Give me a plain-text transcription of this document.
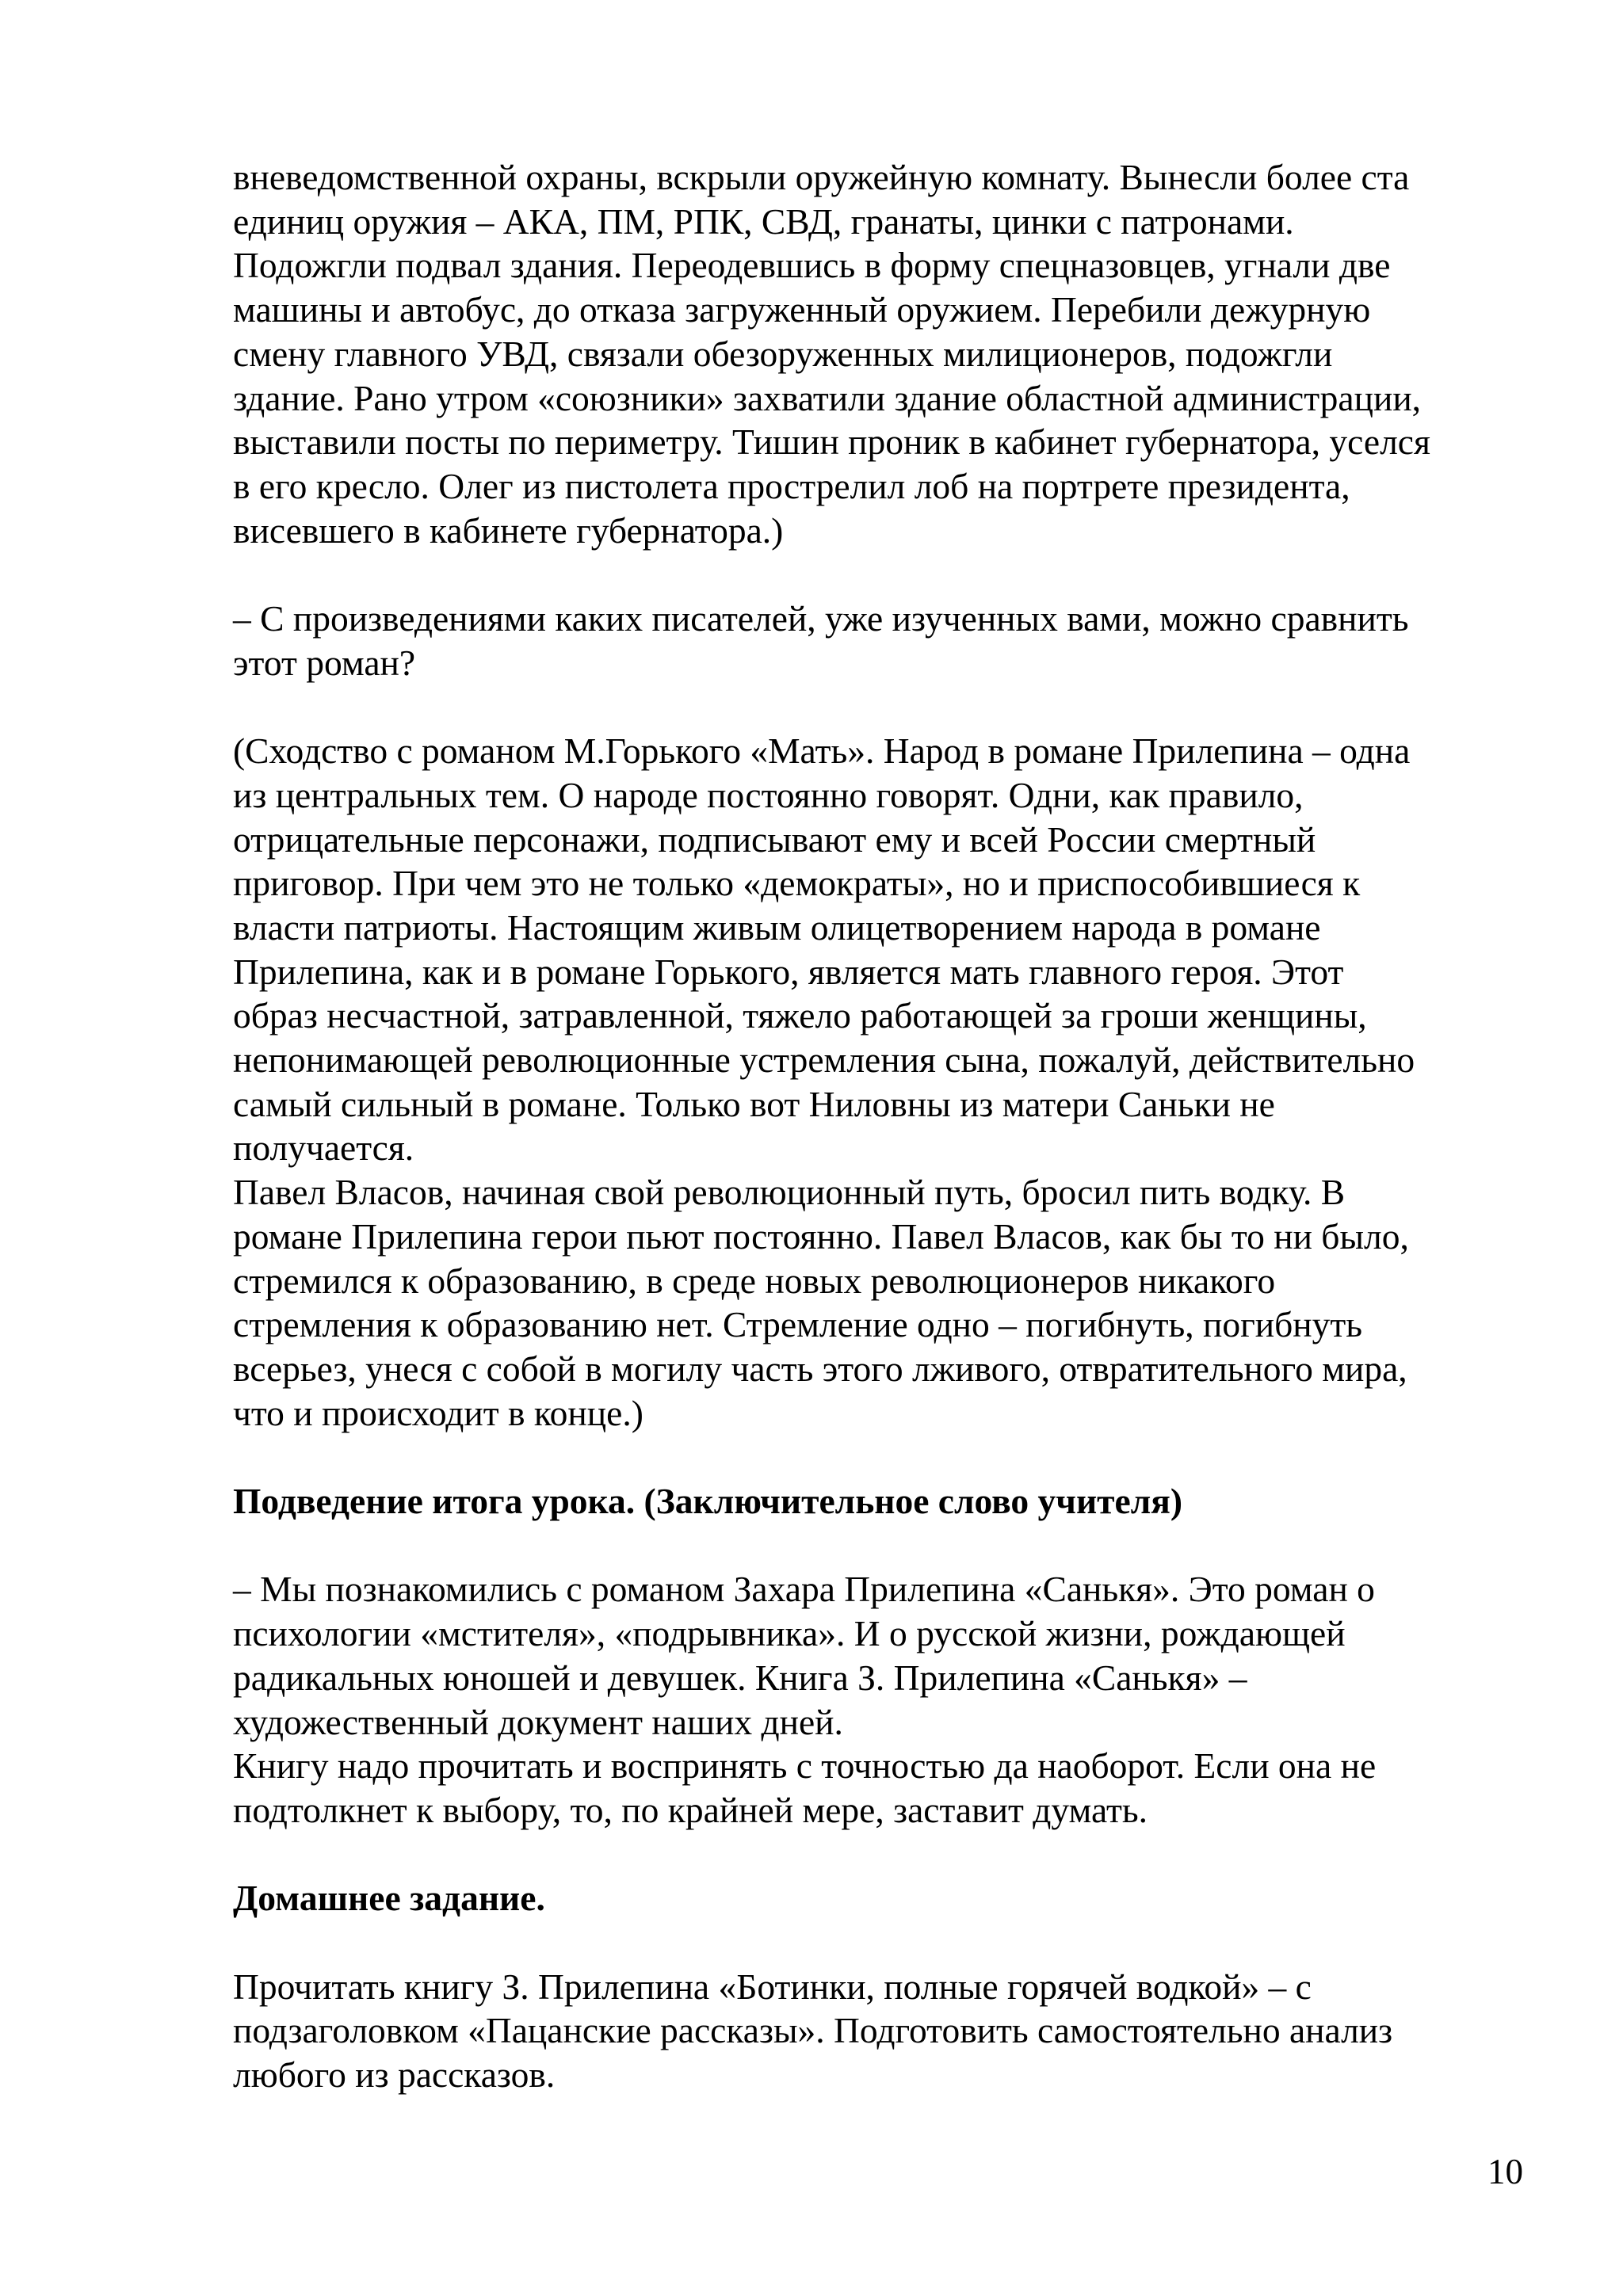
вневедомственной охраны, вскрыли оружейную комнату. Вынесли более ста
единиц оружия – АКА, ПМ, РПК, СВД, гранаты, цинки с патронами.
Подожгли подвал здания. Переодевшись в форму спецназовцев, угнали две
машины и автобус, до отказа загруженный оружием. Перебили дежурную
смену главного УВД, связали обезоруженных милиционеров, подожгли
здание. Рано утром «союзники» захватили здание областной администрации,
выставили посты по периметру. Тишин проник в кабинет губернатора, уселся
в его кресло. Олег из пистолета прострелил лоб на портрете президента,
висевшего в кабинете губернатора.)

– С произведениями каких писателей, уже изученных вами, можно сравнить
этот роман?

(Сходство с романом М.Горького «Мать». Народ в романе Прилепина – одна
из центральных тем. О народе постоянно говорят. Одни, как правило,
отрицательные персонажи, подписывают ему и всей России смертный
приговор. При чем это не только «демократы», но и приспособившиеся к
власти патриоты. Настоящим живым олицетворением народа в романе
Прилепина, как и в романе Горького, является мать главного героя. Этот
образ несчастной, затравленной, тяжело работающей за гроши женщины,
непонимающей революционные устремления сына, пожалуй, действительно
самый сильный в романе. Только вот Ниловны из матери Саньки не
получается.
Павел Власов, начиная свой революционный путь, бросил пить водку. В
романе Прилепина герои пьют постоянно. Павел Власов, как бы то ни было,
стремился к образованию, в среде новых революционеров никакого
стремления к образованию нет. Стремление одно – погибнуть, погибнуть
всерьез, унеся с собой в могилу часть этого лживого, отвратительного мира,
что и происходит в конце.)

Подведение итога урока. (Заключительное слово учителя)

– Мы познакомились с романом Захара Прилепина «Санькя». Это роман о
психологии «мстителя», «подрывника». И о русской жизни, рождающей
радикальных юношей и девушек. Книга З. Прилепина «Санькя» –
художественный документ наших дней.
Книгу надо прочитать и воспринять с точностью да наоборот. Если она не
подтолкнет к выбору, то, по крайней мере, заставит думать.

Домашнее задание.

Прочитать книгу З. Прилепина «Ботинки, полные горячей водкой» – с
подзаголовком «Пацанские рассказы». Подготовить самостоятельно анализ
любого из рассказов.

10
